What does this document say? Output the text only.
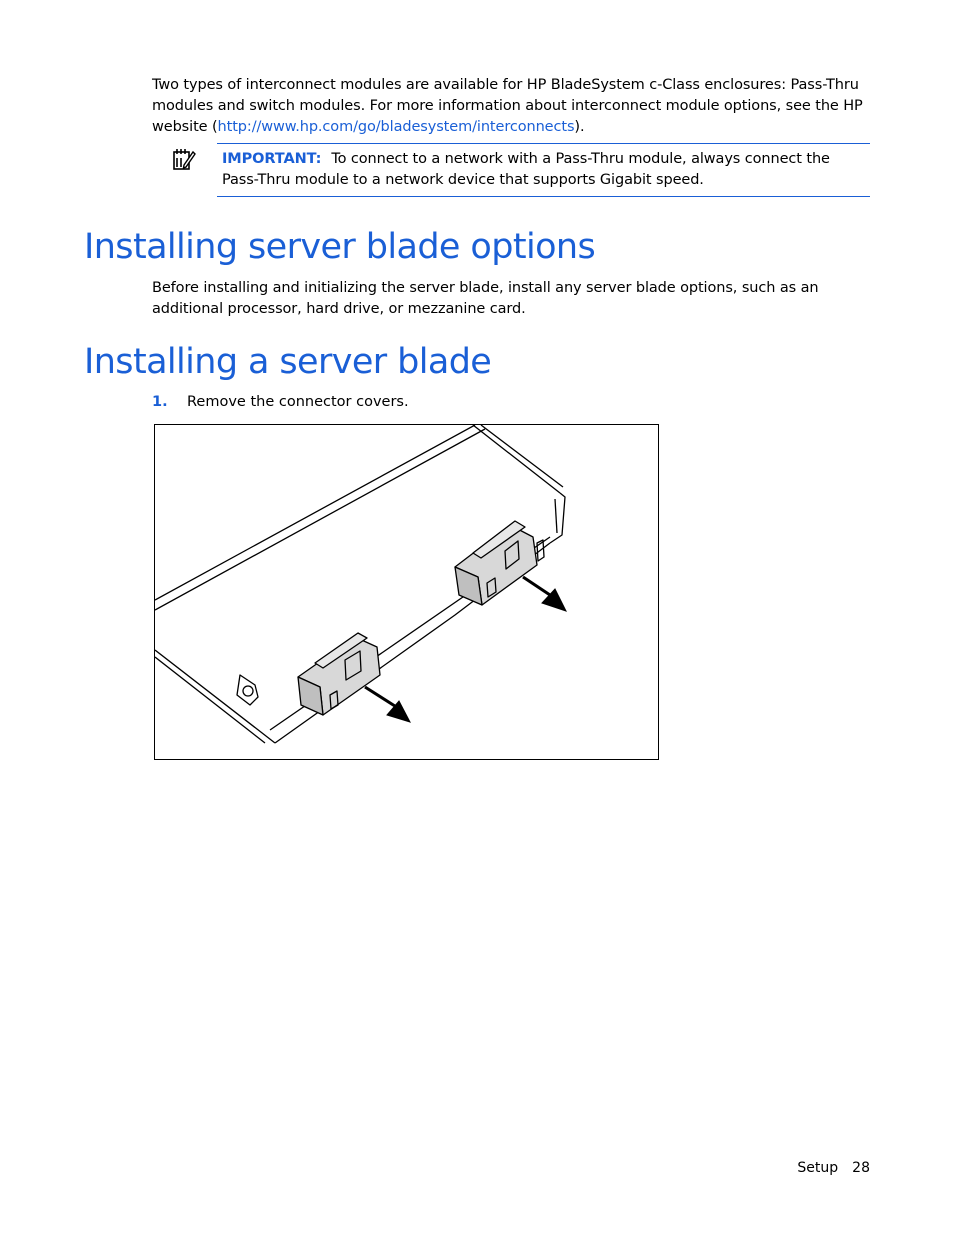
Two types of interconnect modules are available for HP BladeSystem c-Class enclosures: Pass-Thru modules and switch modules. For more information about interconnect module options, see the HP website (http://www.hp.com/go/bladesystem/interconnects).

IMPORTANT: To connect to a network with a Pass-Thru module, always connect the Pass-Thru module to a network device that supports Gigabit speed.
Installing server blade options

Before installing and initializing the server blade, install any server blade options, such as an additional processor, hard drive, or mezzanine card.

Installing a server blade
1. Remove the connector covers.
Setup 28
